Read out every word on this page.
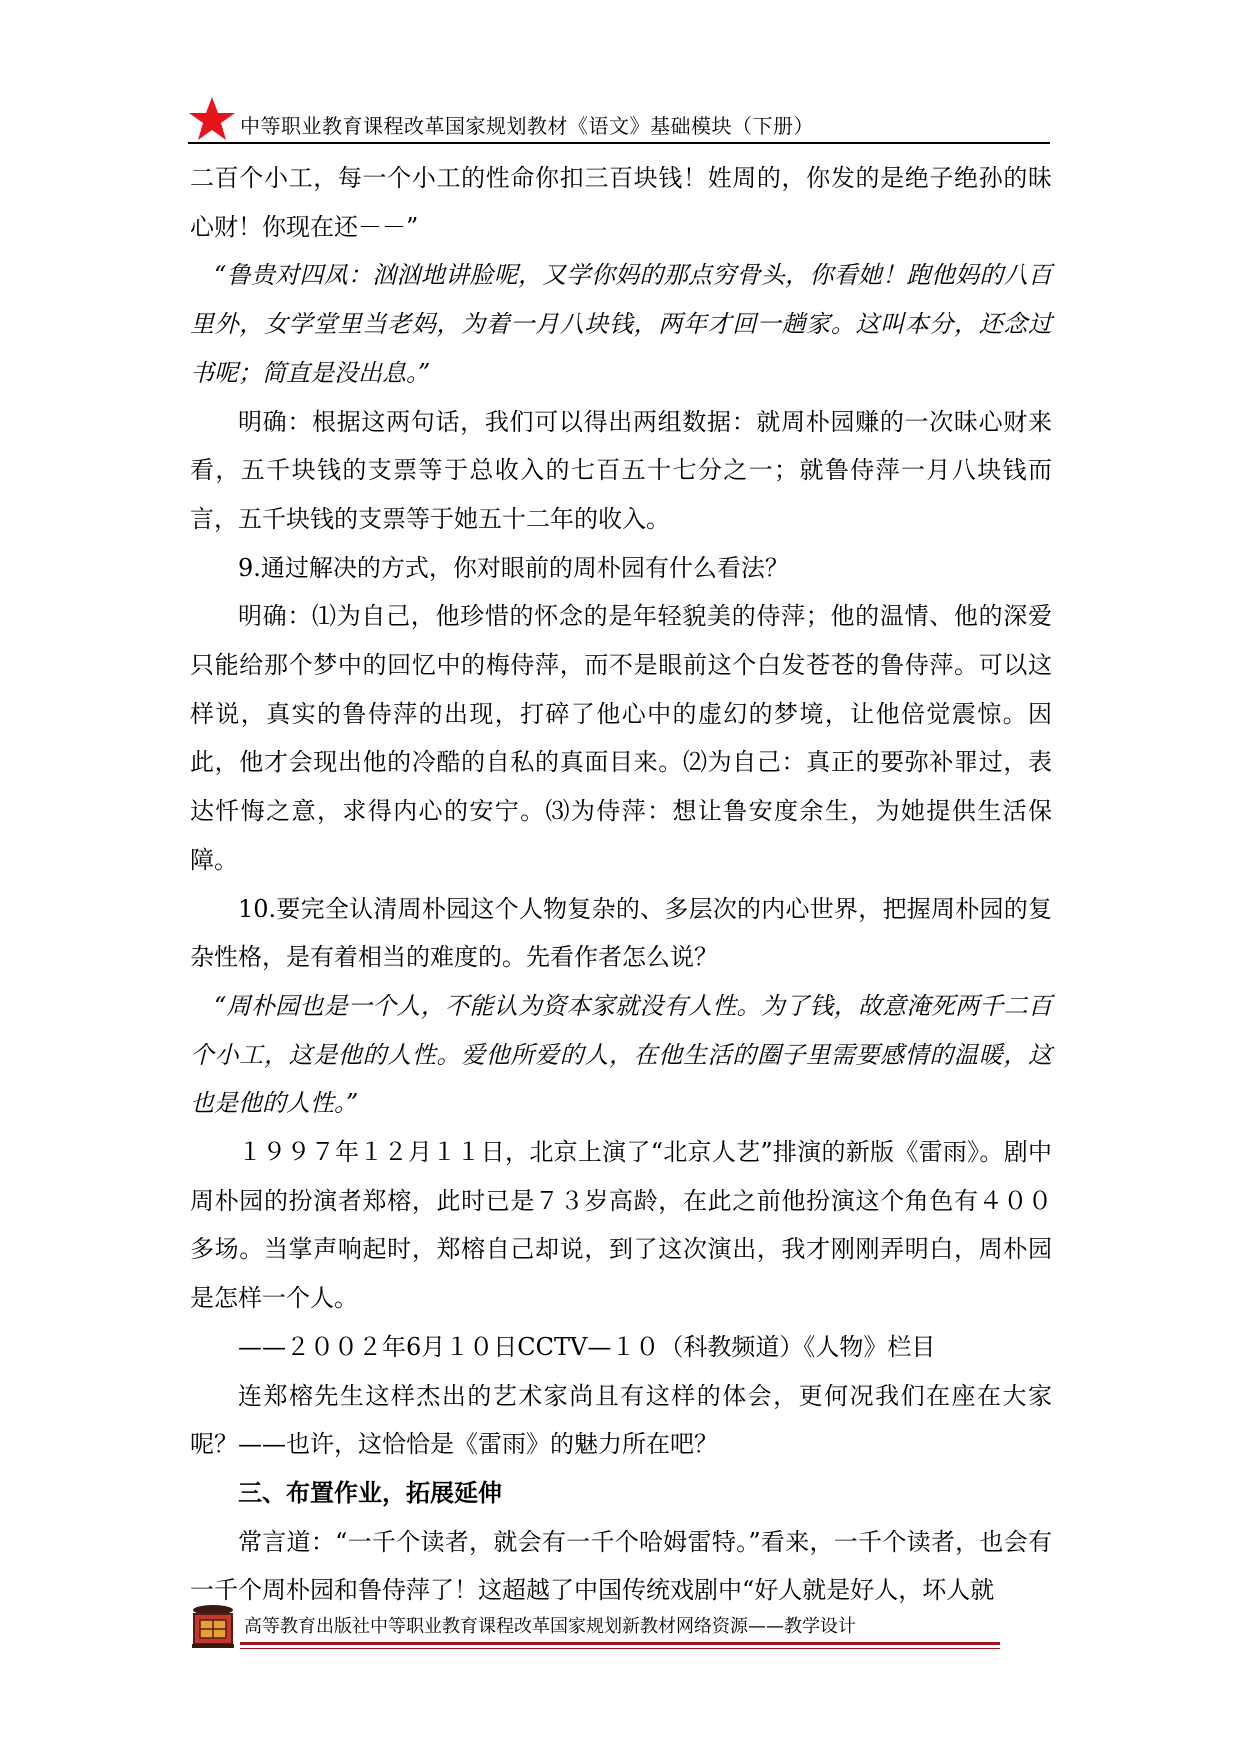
中等职业教育课程改革国家规划教材《语文》基础模块（下册）

二百个小工，每一个小工的性命你扣三百块钱！姓周的，你发的是绝子绝孙的昧心财！你现在还－－”

“鲁贵对四凤：汹汹地讲脸呢，又学你妈的那点穷骨头，你看她！跑他妈的八百里外，女学堂里当老妈，为着一月八块钱，两年才回一趟家。这叫本分，还念过书呢；简直是没出息。”

明确：根据这两句话，我们可以得出两组数据：就周朴园赚的一次昧心财来看，五千块钱的支票等于总收入的七百五十七分之一；就鲁侍萍一月八块钱而言，五千块钱的支票等于她五十二年的收入。

9.通过解决的方式，你对眼前的周朴园有什么看法？

明确：⑴为自己，他珍惜的怀念的是年轻貌美的侍萍；他的温情、他的深爱只能给那个梦中的回忆中的梅侍萍，而不是眼前这个白发苍苍的鲁侍萍。可以这样说，真实的鲁侍萍的出现，打碎了他心中的虚幻的梦境，让他倍觉震惊。因此，他才会现出他的冷酷的自私的真面目来。⑵为自己：真正的要弥补罪过，表达忏悔之意，求得内心的安宁。⑶为侍萍：想让鲁安度余生，为她提供生活保障。

10.要完全认清周朴园这个人物复杂的、多层次的内心世界，把握周朴园的复杂性格，是有着相当的难度的。先看作者怎么说？

“周朴园也是一个人，不能认为资本家就没有人性。为了钱，故意淹死两千二百个小工，这是他的人性。爱他所爱的人，在他生活的圈子里需要感情的温暖，这也是他的人性。”

１９９７年１２月１１日，北京上演了“北京人艺”排演的新版《雷雨》。剧中周朴园的扮演者郑榕，此时已是７３岁高龄，在此之前他扮演这个角色有４００多场。当掌声响起时，郑榕自己却说，到了这次演出，我才刚刚弄明白，周朴园是怎样一个人。

——２００２年6月１０日CCTV—１０（科教频道）《人物》栏目

连郑榕先生这样杰出的艺术家尚且有这样的体会，更何况我们在座在大家呢？——也许，这恰恰是《雷雨》的魅力所在吧？

三、布置作业，拓展延伸

常言道：“一千个读者，就会有一千个哈姆雷特。”看来，一千个读者，也会有一千个周朴园和鲁侍萍了！这超越了中国传统戏剧中“好人就是好人，坏人就

高等教育出版社中等职业教育课程改革国家规划新教材网络资源——教学设计
